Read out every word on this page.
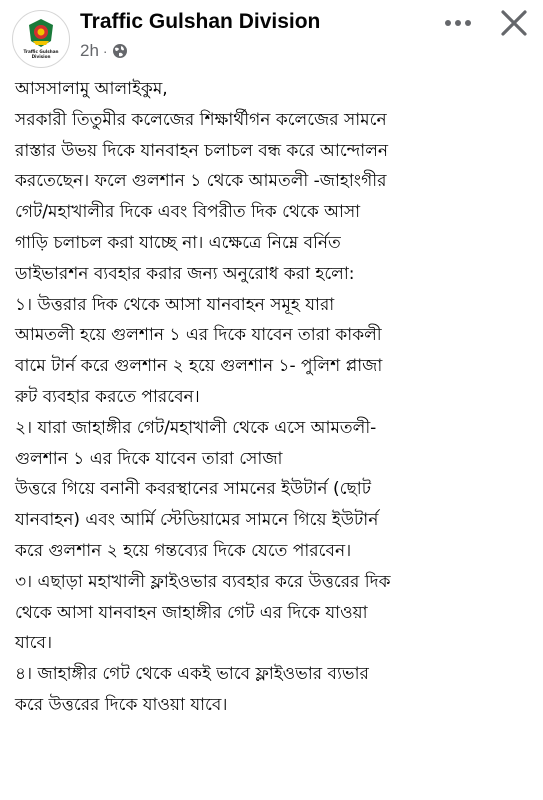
Traffic Gulshan
Division
Traffic Gulshan Division
2h ·
আসসালামু আলাইকুম,
সরকারী তিতুমীর কলেজের শিক্ষার্থীগন কলেজের সামনে
রাস্তার উভয় দিকে যানবাহন চলাচল বন্ধ করে আন্দোলন
করতেছেন। ফলে গুলশান ১ থেকে আমতলী -জাহাংগীর
গেট/মহাখালীর দিকে এবং বিপরীত দিক থেকে আসা
গাড়ি চলাচল করা যাচ্ছে না। এক্ষেত্রে নিম্নে বর্নিত
ডাইভারশন ব্যবহার করার জন্য অনুরোধ করা হলো:
১। উত্তরার দিক থেকে আসা যানবাহন সমূহ যারা
আমতলী হয়ে গুলশান ১ এর দিকে যাবেন তারা কাকলী
বামে টার্ন করে গুলশান ২ হয়ে গুলশান ১- পুলিশ প্লাজা
রুট ব্যবহার করতে পারবেন।
২। যারা জাহাঙ্গীর গেট/মহাখালী থেকে এসে আমতলী-
গুলশান ১ এর দিকে যাবেন তারা সোজা
উত্তরে গিয়ে বনানী কবরস্থানের সামনের ইউটার্ন (ছোট
যানবাহন) এবং আর্মি স্টেডিয়ামের সামনে গিয়ে ইউটার্ন
করে গুলশান ২ হয়ে গন্তব্যের দিকে যেতে পারবেন।
৩। এছাড়া মহাখালী ফ্লাইওভার ব্যবহার করে উত্তরের দিক
থেকে আসা যানবাহন জাহাঙ্গীর গেট এর দিকে যাওয়া
যাবে।
৪। জাহাঙ্গীর গেট থেকে একই ভাবে ফ্লাইওভার ব্যভার
করে উত্তরের দিকে যাওয়া যাবে।
